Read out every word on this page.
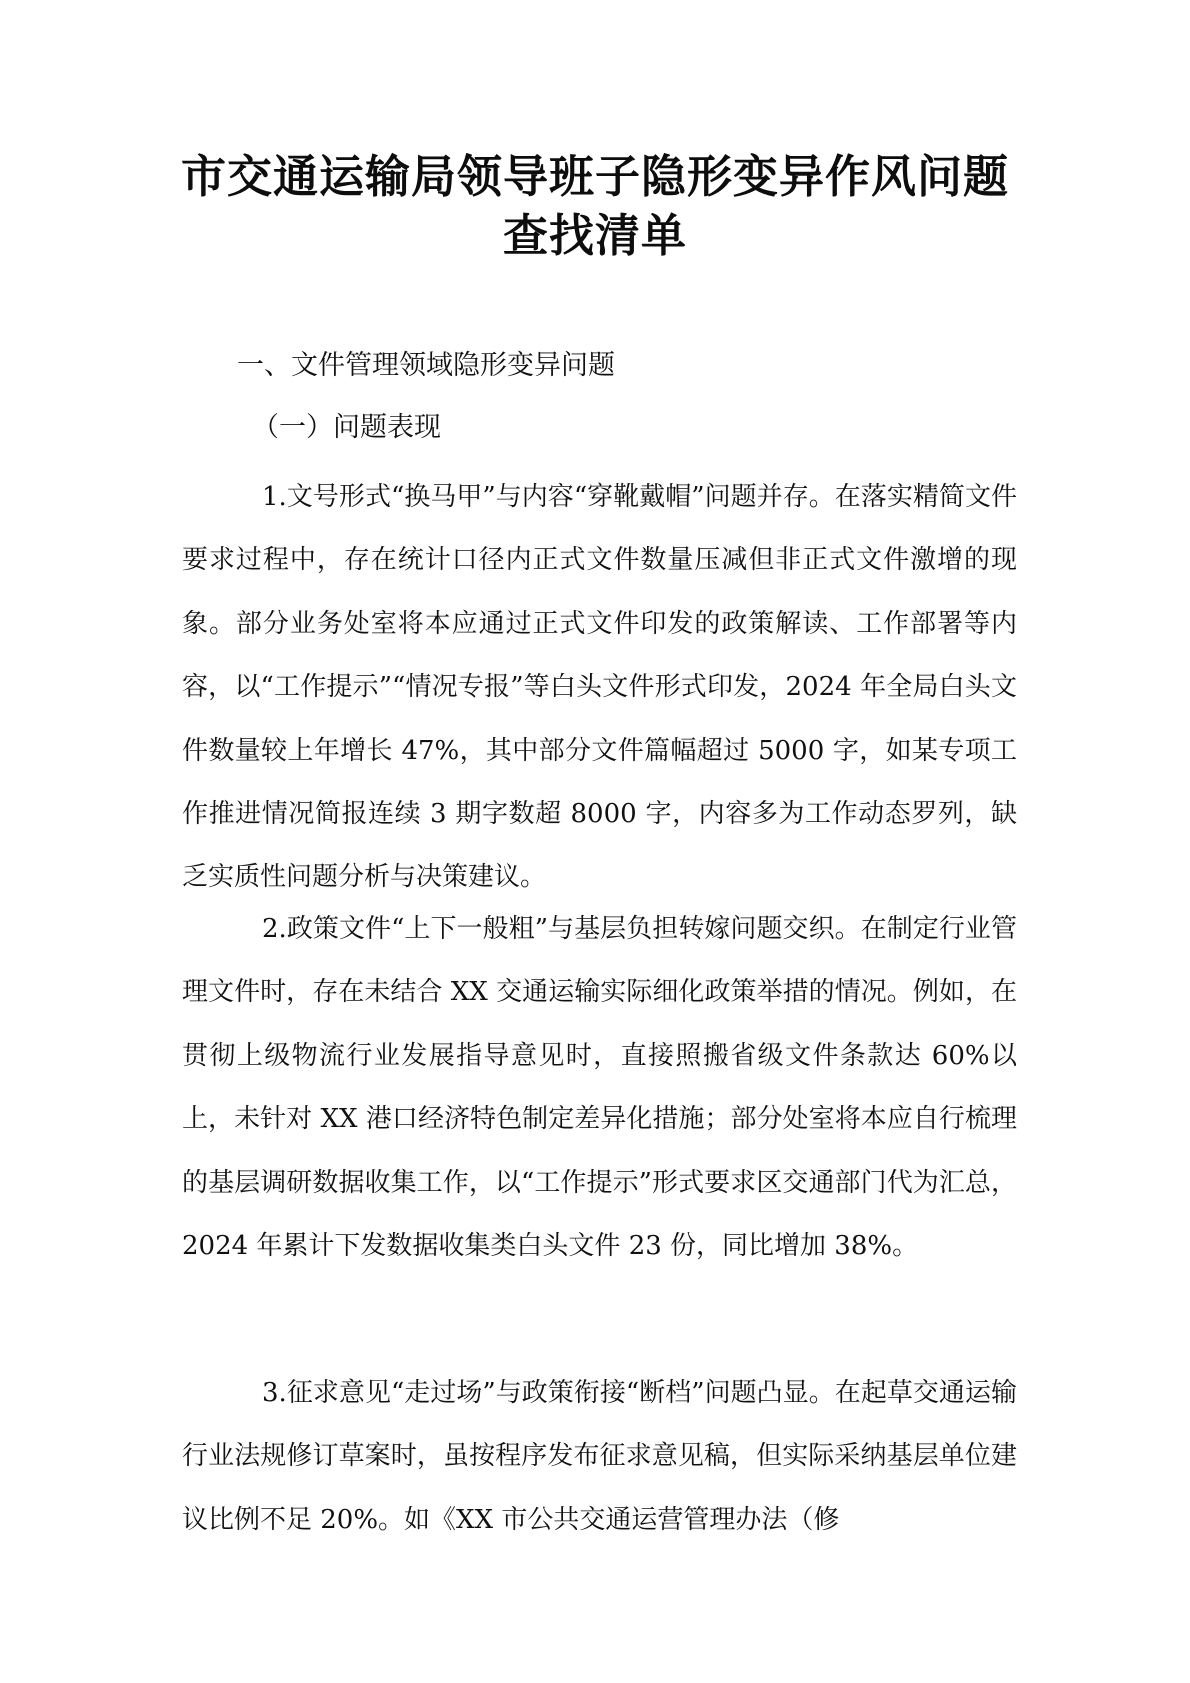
市交通运输局领导班子隐形变异作风问题
查找清单
一、文件管理领域隐形变异问题
（一）问题表现

1.文号形式“换马甲”与内容“穿靴戴帽”问题并存。在落实精简文件要求过程中，存在统计口径内正式文件数量压减但非正式文件激增的现象。部分业务处室将本应通过正式文件印发的政策解读、工作部署等内容，以“工作提示”“情况专报”等白头文件形式印发，2024 年全局白头文件数量较上年增长 47%，其中部分文件篇幅超过 5000 字，如某专项工作推进情况简报连续 3 期字数超 8000 字，内容多为工作动态罗列，缺乏实质性问题分析与决策建议。

2.政策文件“上下一般粗”与基层负担转嫁问题交织。在制定行业管理文件时，存在未结合 XX 交通运输实际细化政策举措的情况。例如，在贯彻上级物流行业发展指导意见时，直接照搬省级文件条款达 60%以上，未针对 XX 港口经济特色制定差异化措施；部分处室将本应自行梳理的基层调研数据收集工作，以“工作提示”形式要求区交通部门代为汇总，2024 年累计下发数据收集类白头文件 23 份，同比增加 38%。

3.征求意见“走过场”与政策衔接“断档”问题凸显。在起草交通运输行业法规修订草案时，虽按程序发布征求意见稿，但实际采纳基层单位建议比例不足 20%。如《XX 市公共交通运营管理办法（修
